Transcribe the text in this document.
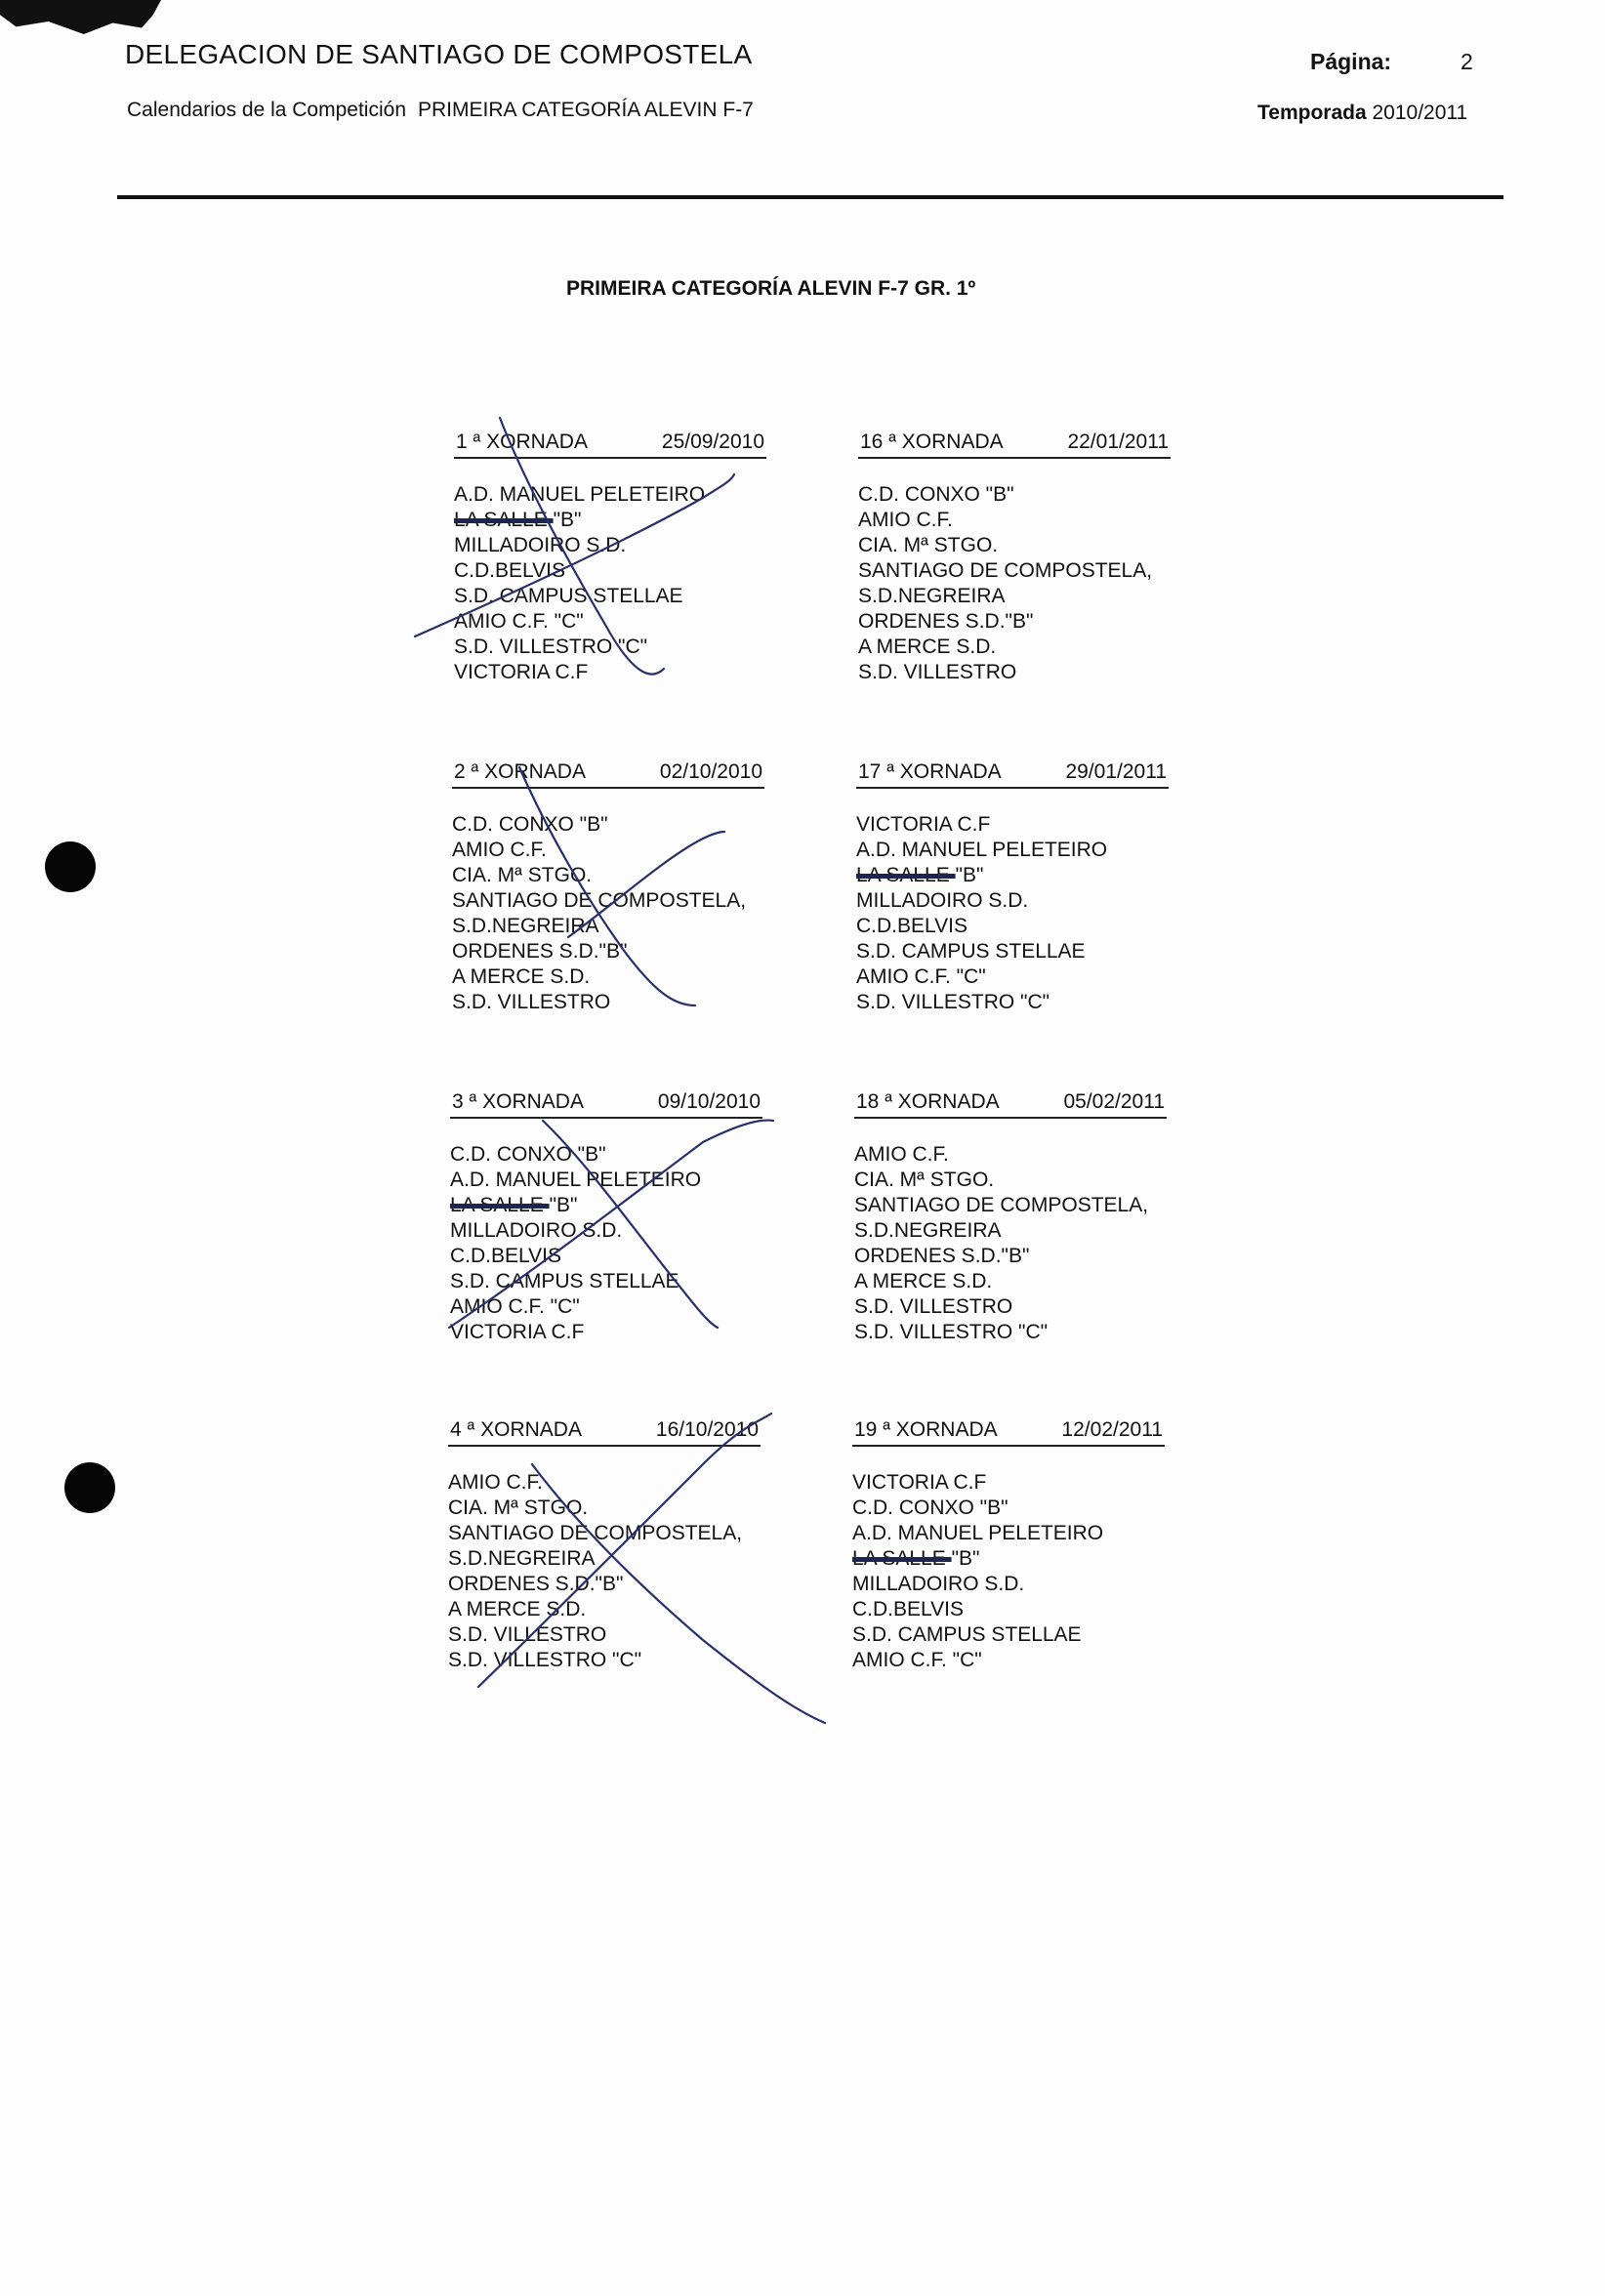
DELEGACION DE SANTIAGO DE COMPOSTELA	Página:	2
Calendarios de la Competición PRIMEIRA CATEGORÍA ALEVIN F-7	Temporada 2010/2011
PRIMEIRA CATEGORÍA ALEVIN F-7 GR. 1º
1 ª XORNADA	25/09/2010
A.D. MANUEL PELETEIRO
LA SALLE "B"
MILLADOIRO S.D.
C.D.BELVIS
S.D. CAMPUS STELLAE
AMIO C.F. "C"
S.D. VILLESTRO "C"
VICTORIA C.F
2 ª XORNADA	02/10/2010
C.D. CONXO "B"
AMIO C.F.
CIA. Mª STGO.
SANTIAGO DE COMPOSTELA,
S.D.NEGREIRA
ORDENES S.D."B"
A MERCE S.D.
S.D. VILLESTRO
3 ª XORNADA	09/10/2010
C.D. CONXO "B"
A.D. MANUEL PELETEIRO
LA SALLE "B"
MILLADOIRO S.D.
C.D.BELVIS
S.D. CAMPUS STELLAE
AMIO C.F. "C"
VICTORIA C.F
4 ª XORNADA	16/10/2010
AMIO C.F.
CIA. Mª STGO.
SANTIAGO DE COMPOSTELA,
S.D.NEGREIRA
ORDENES S.D."B"
A MERCE S.D.
S.D. VILLESTRO
S.D. VILLESTRO "C"
16 ª XORNADA	22/01/2011
C.D. CONXO "B"
AMIO C.F.
CIA. Mª STGO.
SANTIAGO DE COMPOSTELA,
S.D.NEGREIRA
ORDENES S.D."B"
A MERCE S.D.
S.D. VILLESTRO
17 ª XORNADA	29/01/2011
VICTORIA C.F
A.D. MANUEL PELETEIRO
LA SALLE "B"
MILLADOIRO S.D.
C.D.BELVIS
S.D. CAMPUS STELLAE
AMIO C.F. "C"
S.D. VILLESTRO "C"
18 ª XORNADA	05/02/2011
AMIO C.F.
CIA. Mª STGO.
SANTIAGO DE COMPOSTELA,
S.D.NEGREIRA
ORDENES S.D."B"
A MERCE S.D.
S.D. VILLESTRO
S.D. VILLESTRO "C"
19 ª XORNADA	12/02/2011
VICTORIA C.F
C.D. CONXO "B"
A.D. MANUEL PELETEIRO
LA SALLE "B"
MILLADOIRO S.D.
C.D.BELVIS
S.D. CAMPUS STELLAE
AMIO C.F. "C"
